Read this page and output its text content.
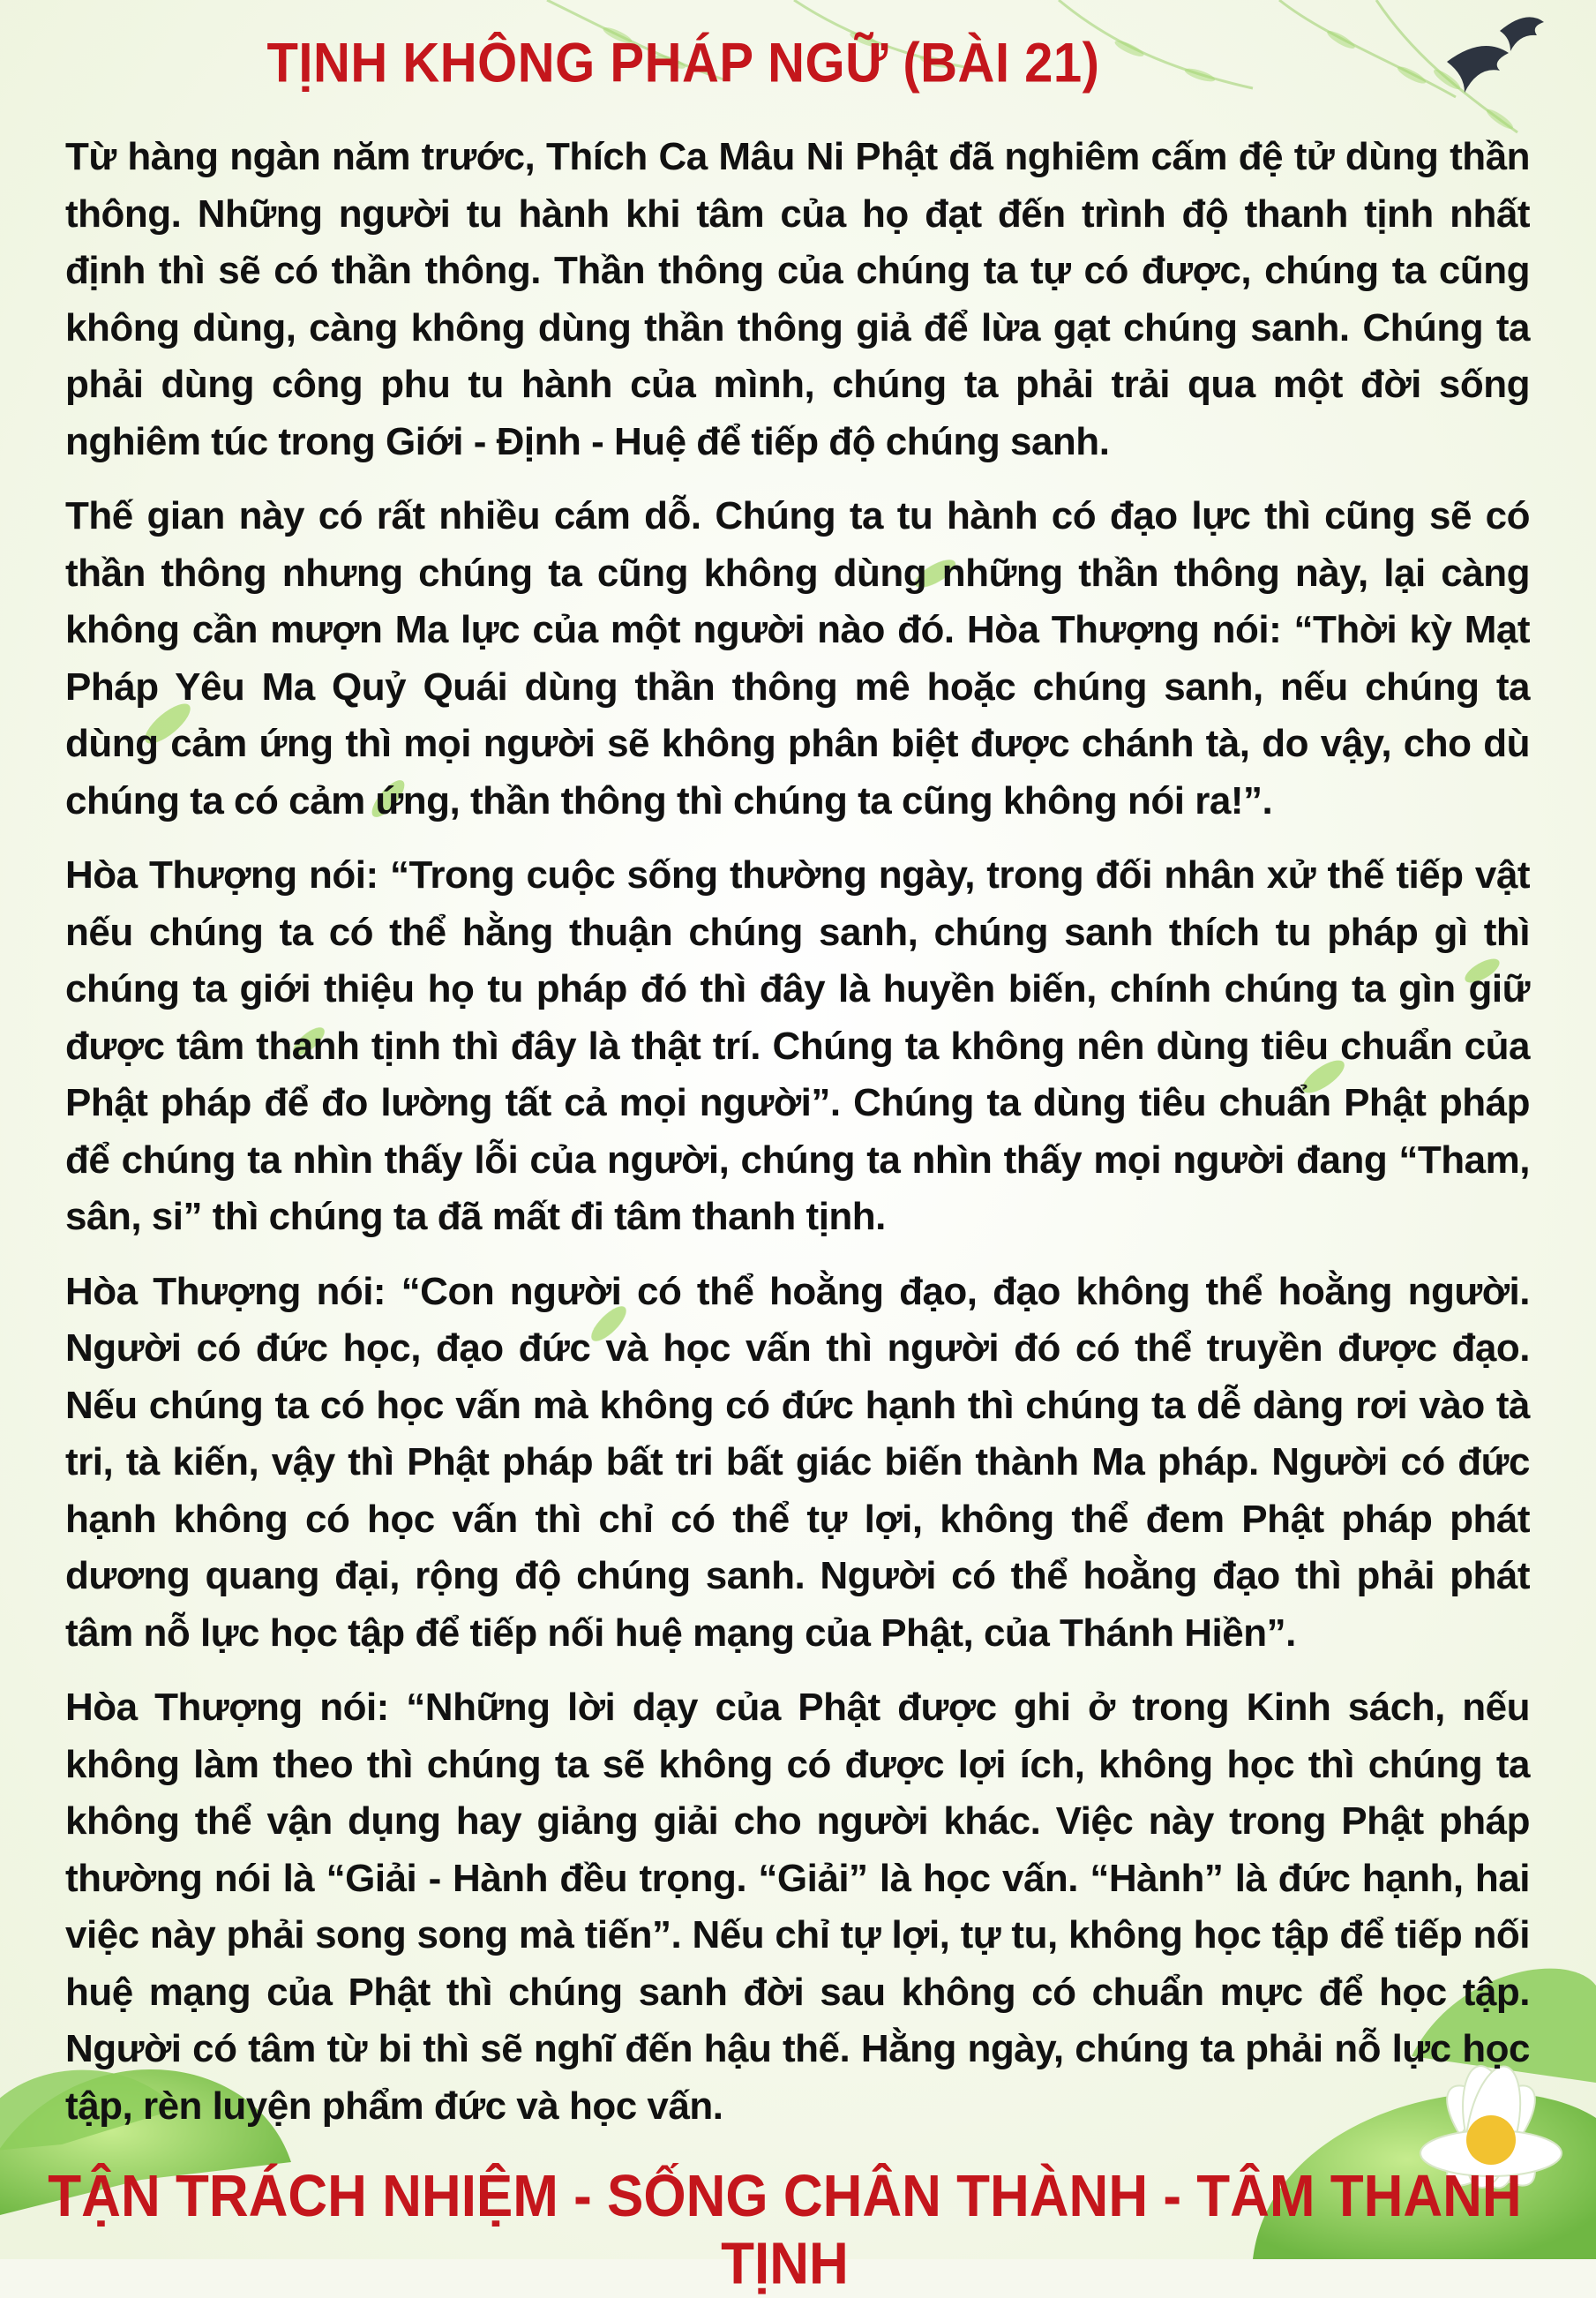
TỊNH KHÔNG PHÁP NGỮ (BÀI 21)

Từ hàng ngàn năm trước, Thích Ca Mâu Ni Phật đã nghiêm cấm đệ tử dùng thần thông. Những người tu hành khi tâm của họ đạt đến trình độ thanh tịnh nhất định thì sẽ có thần thông. Thần thông của chúng ta tự có được, chúng ta cũng không dùng, càng không dùng thần thông giả để lừa gạt chúng sanh. Chúng ta phải dùng công phu tu hành của mình, chúng ta phải trải qua một đời sống nghiêm túc trong Giới - Định - Huệ để tiếp độ chúng sanh.

Thế gian này có rất nhiều cám dỗ. Chúng ta tu hành có đạo lực thì cũng sẽ có thần thông nhưng chúng ta cũng không dùng những thần thông này, lại càng không cần mượn Ma lực của một người nào đó. Hòa Thượng nói: “Thời kỳ Mạt Pháp Yêu Ma Quỷ Quái dùng thần thông mê hoặc chúng sanh, nếu chúng ta dùng cảm ứng thì mọi người sẽ không phân biệt được chánh tà, do vậy, cho dù chúng ta có cảm ứng, thần thông thì chúng ta cũng không nói ra!”.

Hòa Thượng nói: “Trong cuộc sống thường ngày, trong đối nhân xử thế tiếp vật nếu chúng ta có thể hằng thuận chúng sanh, chúng sanh thích tu pháp gì thì chúng ta giới thiệu họ tu pháp đó thì đây là huyền biến, chính chúng ta gìn giữ được tâm thanh tịnh thì đây là thật trí. Chúng ta không nên dùng tiêu chuẩn của Phật pháp để đo lường tất cả mọi người”. Chúng ta dùng tiêu chuẩn Phật pháp để chúng ta nhìn thấy lỗi của người, chúng ta nhìn thấy mọi người đang “Tham, sân, si” thì chúng ta đã mất đi tâm thanh tịnh.

Hòa Thượng nói: “Con người có thể hoằng đạo, đạo không thể hoằng người. Người có đức học, đạo đức và học vấn thì người đó có thể truyền được đạo. Nếu chúng ta có học vấn mà không có đức hạnh thì chúng ta dễ dàng rơi vào tà tri, tà kiến, vậy thì Phật pháp bất tri bất giác biến thành Ma pháp. Người có đức hạnh không có học vấn thì chỉ có thể tự lợi, không thể đem Phật pháp phát dương quang đại, rộng độ chúng sanh. Người có thể hoằng đạo thì phải phát tâm nỗ lực học tập để tiếp nối huệ mạng của Phật, của Thánh Hiền”.

Hòa Thượng nói: “Những lời dạy của Phật được ghi ở trong Kinh sách, nếu không làm theo thì chúng ta sẽ không có được lợi ích, không học thì chúng ta không thể vận dụng hay giảng giải cho người khác. Việc này trong Phật pháp thường nói là “Giải - Hành đều trọng. “Giải” là học vấn. “Hành” là đức hạnh, hai việc này phải song song mà tiến”. Nếu chỉ tự lợi, tự tu, không học tập để tiếp nối huệ mạng của Phật thì chúng sanh đời sau không có chuẩn mực để học tập. Người có tâm từ bi thì sẽ nghĩ đến hậu thế. Hằng ngày, chúng ta phải nỗ lực học tập, rèn luyện phẩm đức và học vấn.

TẬN TRÁCH NHIỆM - SỐNG CHÂN THÀNH - TÂM THANH TỊNH
